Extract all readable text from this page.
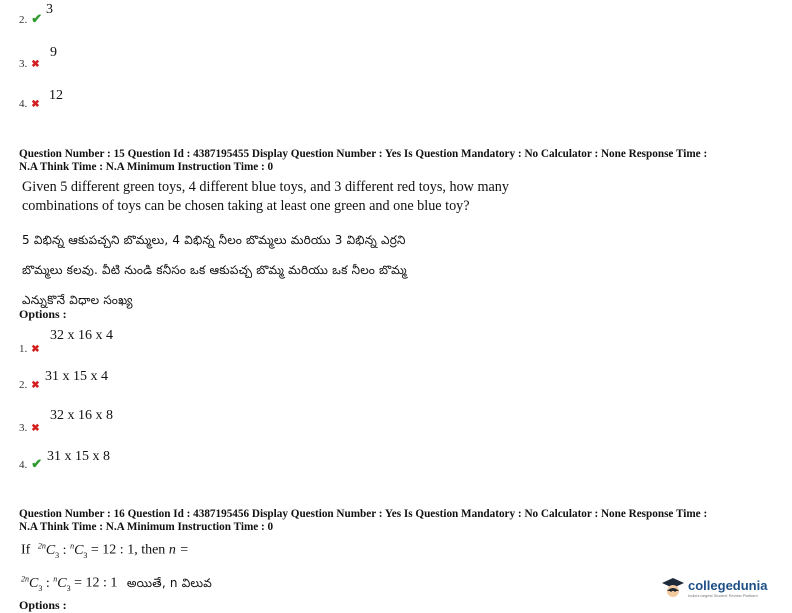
2. ✔
3
3. ✖
9
4. ✖
12
Question Number : 15 Question Id : 4387195455 Display Question Number : Yes Is Question Mandatory : No Calculator : None Response Time :
N.A Think Time : N.A Minimum Instruction Time : 0
Given 5 different green toys, 4 different blue toys, and 3 different red toys, how many
combinations of toys can be chosen taking at least one green and one blue toy?
5 విభిన్న ఆకుపచ్చని బొమ్మలు, 4 విభిన్న నీలం బొమ్మలు మరియు 3 విభిన్న ఎర్రని
బొమ్మలు కలవు. వీటి నుండి కనీసం ఒక ఆకుపచ్చ బొమ్మ మరియు ఒక నీలం బొమ్మ
ఎన్నుకొనే విధాల సంఖ్య
Options :
1. ✖
32 x 16 x 4
2. ✖
31 x 15 x 4
3. ✖
32 x 16 x 8
4. ✔ 31 x 15 x 8
Question Number : 16 Question Id : 4387195456 Display Question Number : Yes Is Question Mandatory : No Calculator : None Response Time :
N.A Think Time : N.A Minimum Instruction Time : 0
If $^{2n}C_3$ : $^nC_3 = 12$ : 1, then n =
$^{2n}C_3$ : $^nC_3 = 12$ : 1 అయితే, n విలువ
Options :
collegedunia
India's largest Student Review Platform
